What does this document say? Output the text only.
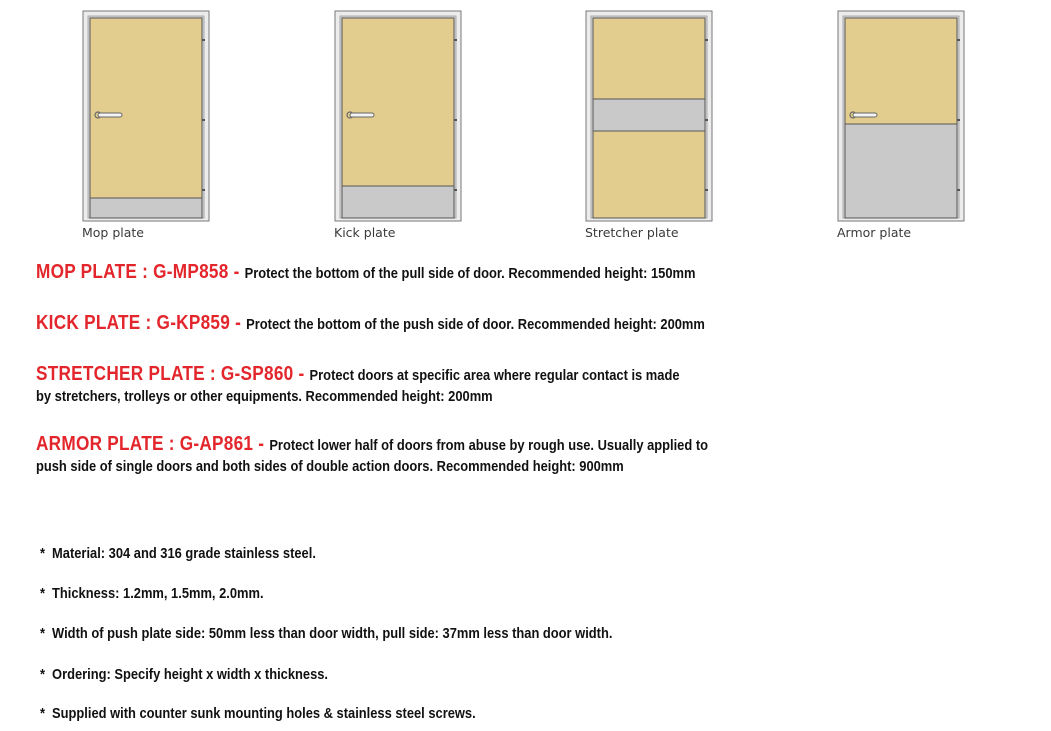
Mop plate	Kick plate	Stretcher plate	Armor plate
MOP PLATE : G-MP858 - Protect the bottom of the pull side of door. Recommended height: 150mm
KICK PLATE : G-KP859 - Protect the bottom of the push side of door. Recommended height: 200mm
STRETCHER PLATE : G-SP860 - Protect doors at specific area where regular contact is made
by stretchers, trolleys or other equipments. Recommended height: 200mm
ARMOR PLATE : G-AP861 - Protect lower half of doors from abuse by rough use. Usually applied to
push side of single doors and both sides of double action doors. Recommended height: 900mm
* Material: 304 and 316 grade stainless steel.
* Thickness: 1.2mm, 1.5mm, 2.0mm.
* Width of push plate side: 50mm less than door width, pull side: 37mm less than door width.
* Ordering: Specify height x width x thickness.
* Supplied with counter sunk mounting holes & stainless steel screws.
